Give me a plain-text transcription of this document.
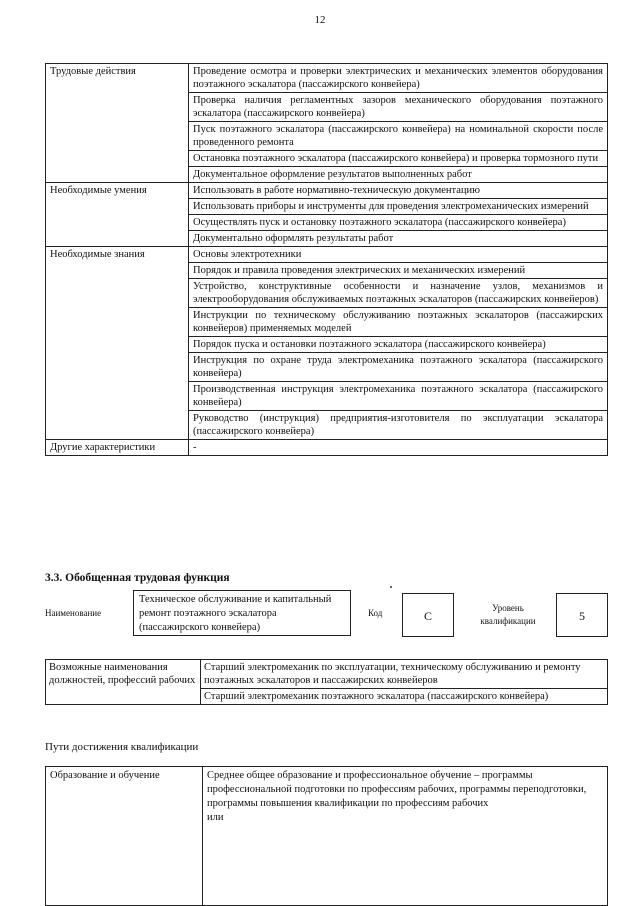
12
Трудовые действия	Проведение осмотра и проверки электрических и механических элементов оборудования поэтажного эскалатора (пассажирского конвейера)
	Проверка наличия регламентных зазоров механического оборудования поэтажного эскалатора (пассажирского конвейера)
	Пуск поэтажного эскалатора (пассажирского конвейера) на номинальной скорости после проведенного ремонта
	Остановка поэтажного эскалатора (пассажирского конвейера) и проверка тормозного пути
	Документальное оформление результатов выполненных работ
Необходимые умения	Использовать в работе нормативно-техническую документацию
	Использовать приборы и инструменты для проведения электромеханических измерений
	Осуществлять пуск и остановку поэтажного эскалатора (пассажирского конвейера)
	Документально оформлять результаты работ
Необходимые знания	Основы электротехники
	Порядок и правила проведения электрических и механических измерений
	Устройство, конструктивные особенности и назначение узлов, механизмов и электрооборудования обслуживаемых поэтажных эскалаторов (пассажирских конвейеров)
	Инструкции по техническому обслуживанию поэтажных эскалаторов (пассажирских конвейеров) применяемых моделей
	Порядок пуска и остановки поэтажного эскалатора (пассажирского конвейера)
	Инструкция по охране труда электромеханика поэтажного эскалатора (пассажирского конвейера)
	Производственная инструкция электромеханика поэтажного эскалатора (пассажирского конвейера)
	Руководство (инструкция) предприятия-изготовителя по эксплуатации эскалатора (пассажирского конвейера)
Другие характеристики	-
3.3. Обобщенная трудовая функция
Наименование
Техническое обслуживание и капитальный ремонт поэтажного эскалатора (пассажирского конвейера)
Код	C
Уровень квалификации	5
Возможные наименования должностей, профессий рабочих	Старший электромеханик по эксплуатации, техническому обслуживанию и ремонту поэтажных эскалаторов и пассажирских конвейеров
Старший электромеханик поэтажного эскалатора (пассажирского конвейера)
Пути достижения квалификации
Образование и обучение	Среднее общее образование и профессиональное обучение – программы профессиональной подготовки по профессиям рабочих, программы переподготовки, программы повышения квалификации по профессиям рабочих
или
